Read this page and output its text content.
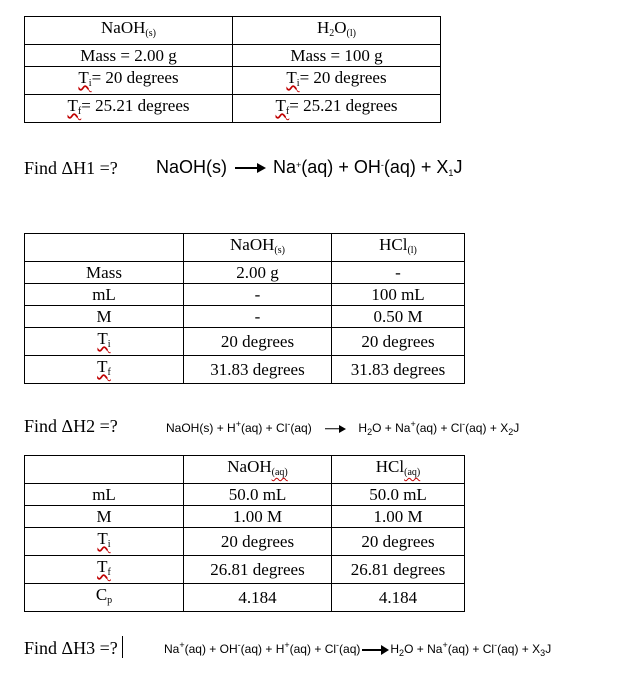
NaOH$_{(s)}$	$H_2O_{(l)}$
Mass = 2.00 g	Mass = 100 g
Ti= 20 degrees	Ti= 20 degrees
Tf= 25.21 degrees	Tf= 25.21 degrees
Find ΔH1 =? NaOH(s)	Na+(aq) + OH-(aq) + X1J
	NaOH$_{(s)}$	HCl$_{(l)}$
Mass	2.00 g	-
mL	-	100 mL
M	-	0.50 M
Ti	20 degrees	20 degrees
Tf	31.83 degrees	31.83 degrees
Find ΔH2 =?	NaOH(s) + H+(aq) + Cl-(aq)	$H_2O + Na^+(aq) + Cl^-(aq) + X_2J$
	NaOH(aq)	HCl(aq)
mL	50.0 mL	50.0 mL
M	1.00 M	1.00 M
Ti	20 degrees	20 degrees
Tf	26.81 degrees	26.81 degrees
$C_p$	4.184	4.184
Find ΔH3 =?	Na+(aq) + OH-(aq) + H+(aq) + Cl-(aq)	$H_2O + Na^+(aq) + Cl^-(aq) + X_3J$
